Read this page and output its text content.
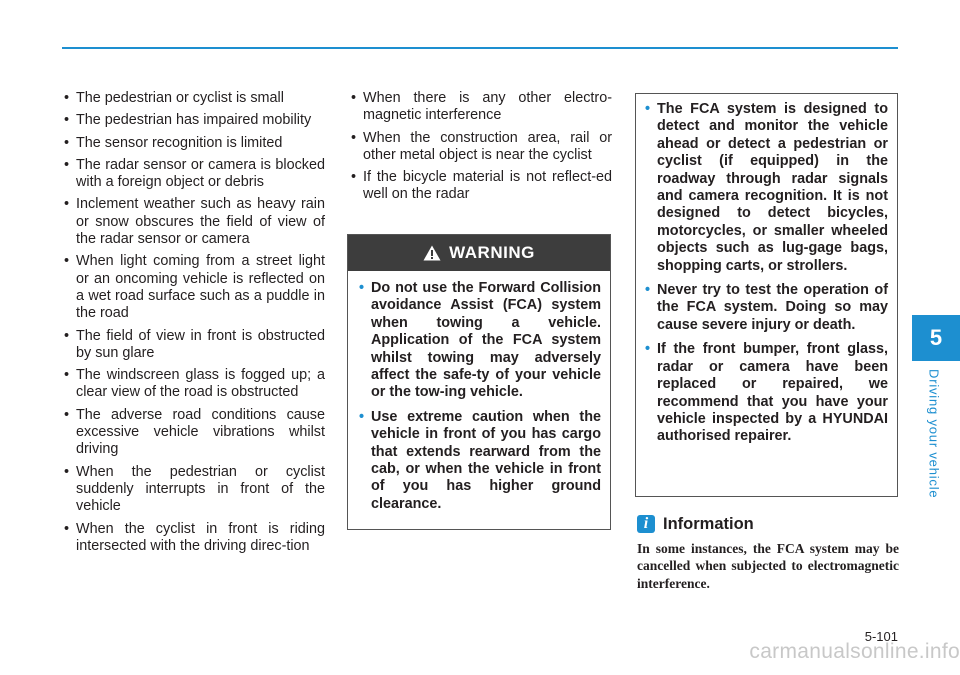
• The pedestrian or cyclist is small
• The pedestrian has impaired mobility
• The sensor recognition is limited
• The radar sensor or camera is blocked with a foreign object or debris
• Inclement weather such as heavy rain or snow obscures the field of view of the radar sensor or camera
• When light coming from a street light or an oncoming vehicle is reflected on a wet road surface such as a puddle in the road
• The field of view in front is obstructed by sun glare
• The windscreen glass is fogged up; a clear view of the road is obstructed
• The adverse road conditions cause excessive vehicle vibrations whilst driving
• When the pedestrian or cyclist suddenly interrupts in front of the vehicle
• When the cyclist in front is riding intersected with the driving direc-tion
• When there is any other electro-magnetic interference
• When the construction area, rail or other metal object is near the cyclist
• If the bicycle material is not reflect-ed well on the radar
WARNING
• Do not use the Forward Collision avoidance Assist (FCA) system when towing a vehicle. Application of the FCA system whilst towing may adversely affect the safe-ty of your vehicle or the tow-ing vehicle.
• Use extreme caution when the vehicle in front of you has cargo that extends rearward from the cab, or when the vehicle in front of you has higher ground clearance.
• The FCA system is designed to detect and monitor the vehicle ahead or detect a pedestrian or cyclist (if equipped) in the roadway through radar signals and camera recognition. It is not designed to detect bicycles, motorcycles, or smaller wheeled objects such as lug-gage bags, shopping carts, or strollers.
• Never try to test the operation of the FCA system. Doing so may cause severe injury or death.
• If the front bumper, front glass, radar or camera have been replaced or repaired, we recommend that you have your vehicle inspected by a HYUNDAI authorised repairer.
i Information
In some instances, the FCA system may be cancelled when subjected to electromagnetic interference.
5
Driving your vehicle
5-101
carmanualsonline.info
